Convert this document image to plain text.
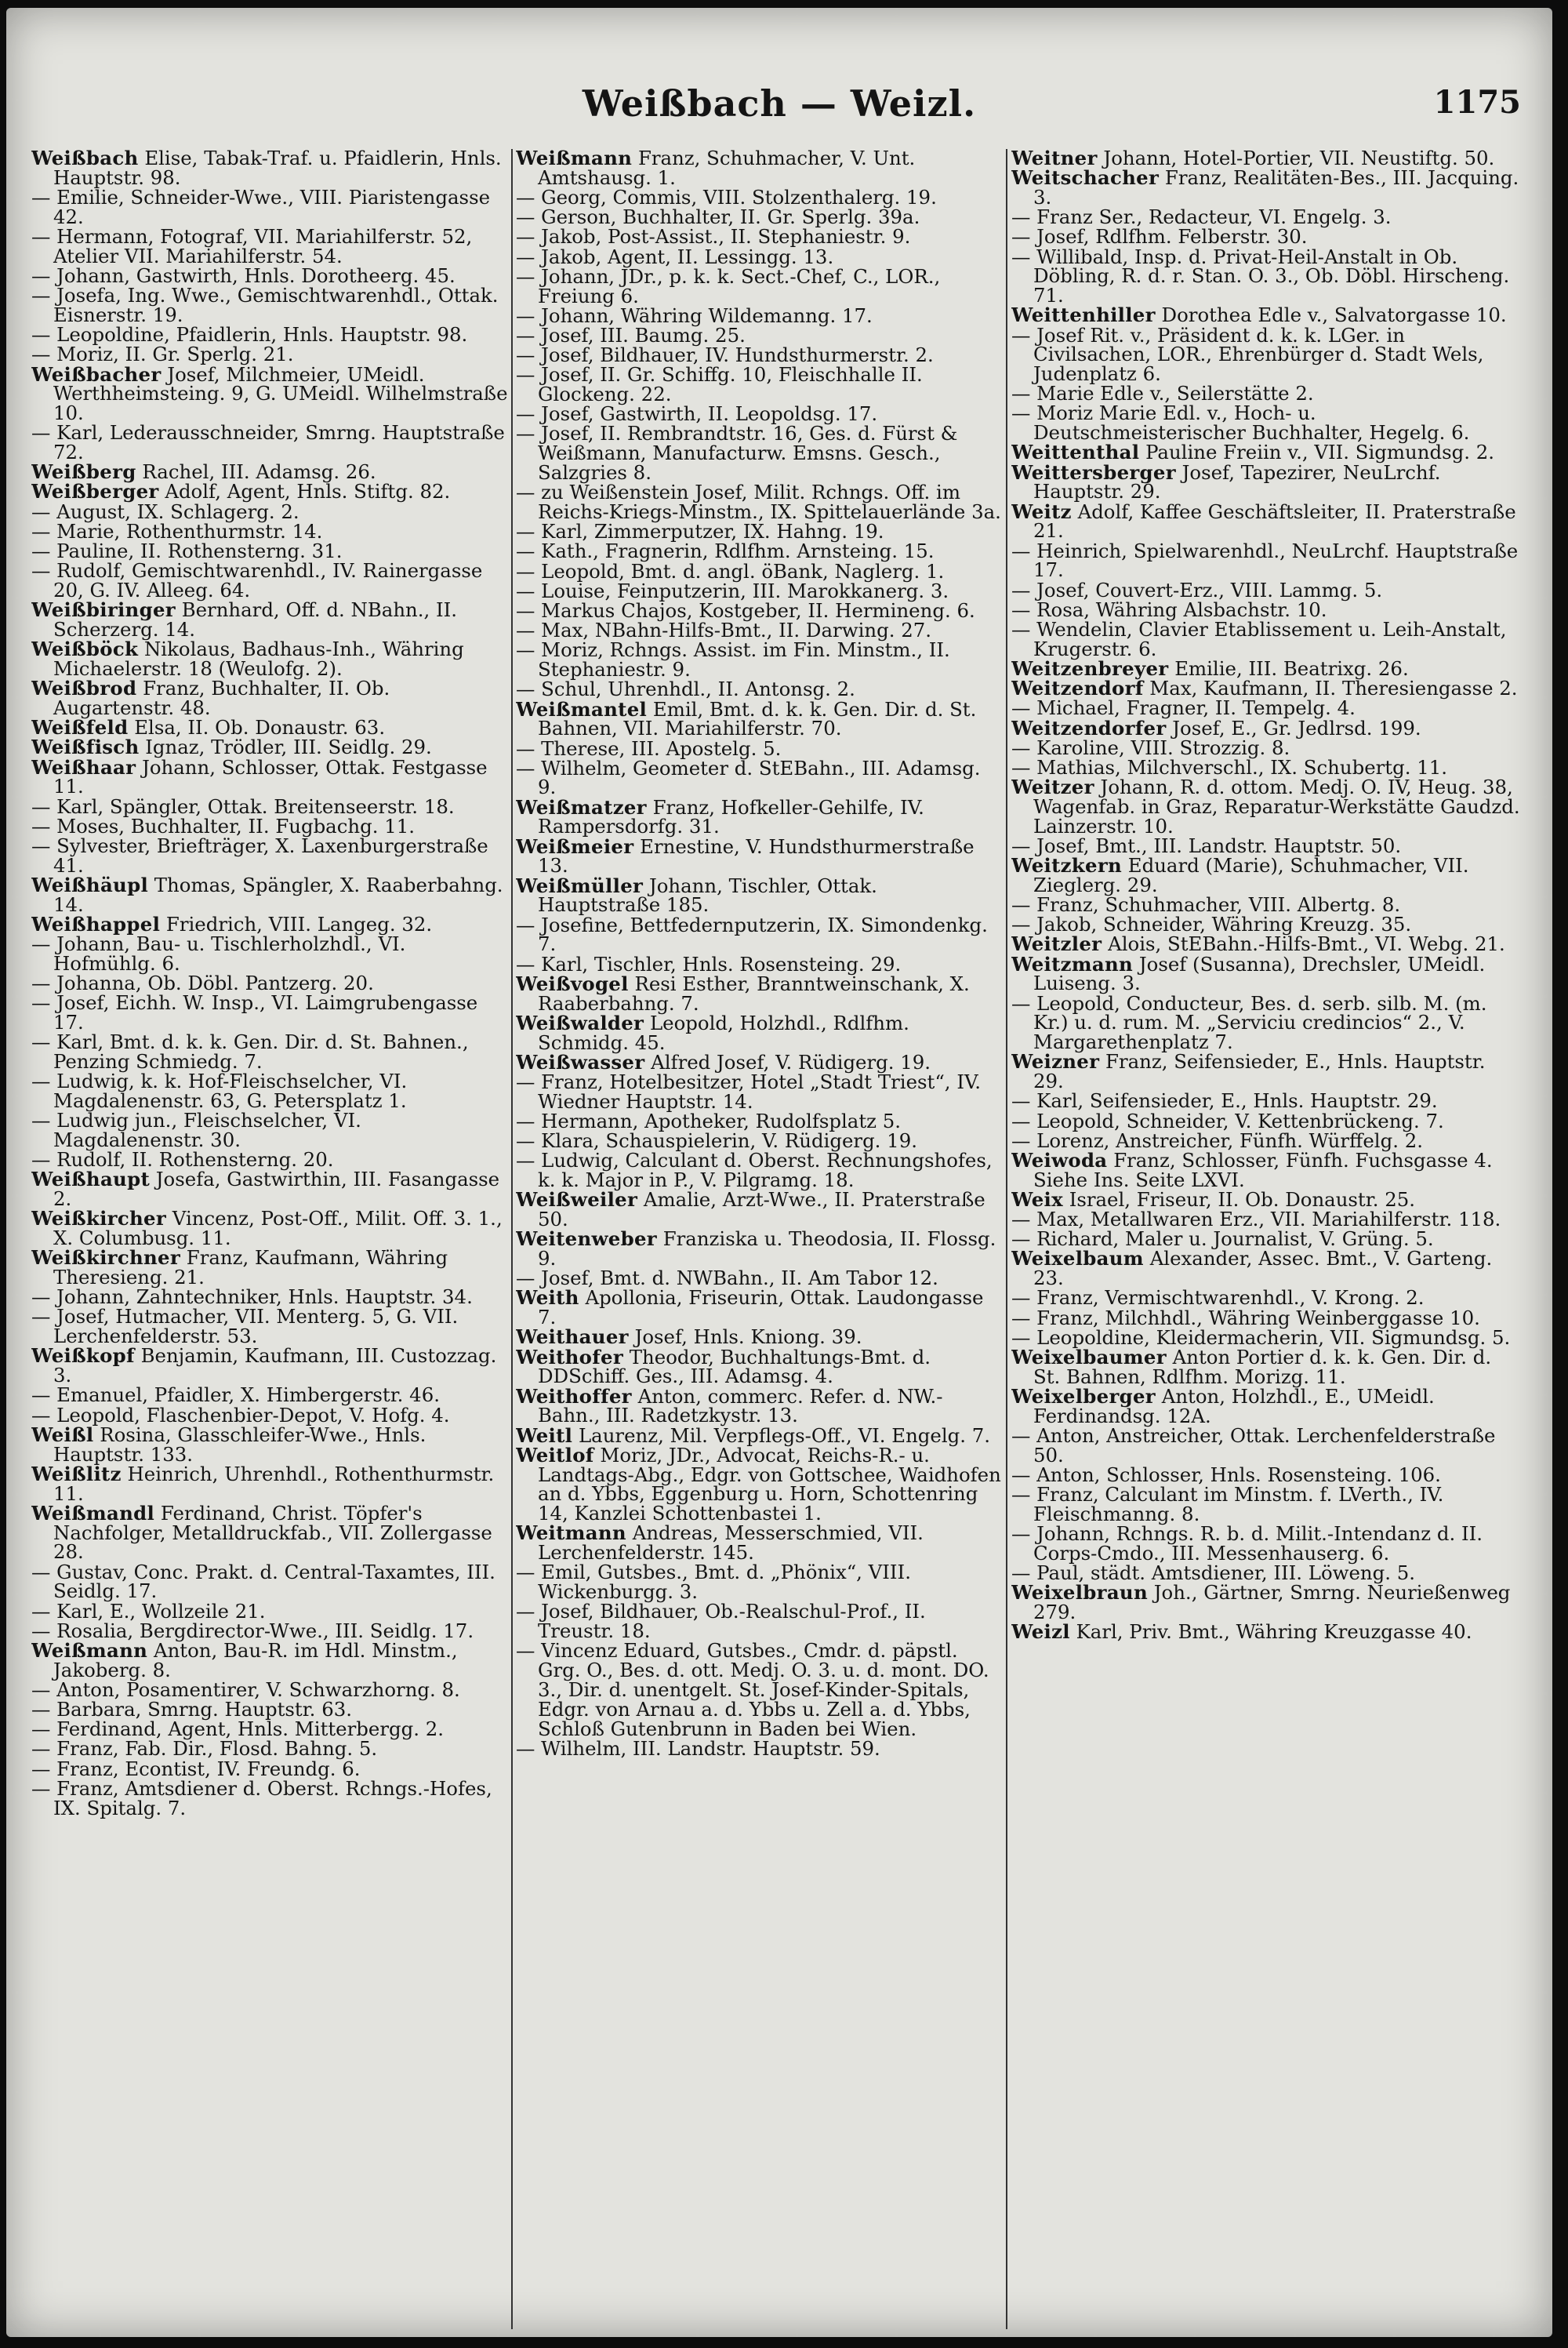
Weißbach — Weizl.	1175
Weißbach Elise, Tabak-Traf. u. Pfaidlerin, Hnls. Hauptstr. 98.
— Emilie, Schneider-Wwe., VIII. Piaristengasse 42.
— Hermann, Fotograf, VII. Mariahilferstr. 52, Atelier VII. Mariahilferstr. 54.
— Johann, Gastwirth, Hnls. Dorotheerg. 45.
— Josefa, Ing. Wwe., Gemischtwarenhdl., Ottak. Eisnerstr. 19.
— Leopoldine, Pfaidlerin, Hnls. Hauptstr. 98.
— Moriz, II. Gr. Sperlg. 21.
Weißbacher Josef, Milchmeier, UMeidl. Werthheimsteing. 9, G. UMeidl. Wilhelmstraße 10.
— Karl, Lederausschneider, Smrng. Hauptstraße 72.
Weißberg Rachel, III. Adamsg. 26.
Weißberger Adolf, Agent, Hnls. Stiftg. 82.
— August, IX. Schlagerg. 2.
— Marie, Rothenthurmstr. 14.
— Pauline, II. Rothensterng. 31.
— Rudolf, Gemischtwarenhdl., IV. Rainergasse 20, G. IV. Alleeg. 64.
Weißbiringer Bernhard, Off. d. NBahn., II. Scherzerg. 14.
Weißböck Nikolaus, Badhaus-Inh., Währing Michaelerstr. 18 (Weulofg. 2).
Weißbrod Franz, Buchhalter, II. Ob. Augartenstr. 48.
Weißfeld Elsa, II. Ob. Donaustr. 63.
Weißfisch Ignaz, Trödler, III. Seidlg. 29.
Weißhaar Johann, Schlosser, Ottak. Festgasse 11.
— Karl, Spängler, Ottak. Breitenseerstr. 18.
— Moses, Buchhalter, II. Fugbachg. 11.
— Sylvester, Briefträger, X. Laxenburgerstraße 41.
Weißhäupl Thomas, Spängler, X. Raaberbahng. 14.
Weißhappel Friedrich, VIII. Langeg. 32.
— Johann, Bau- u. Tischlerholzhdl., VI. Hofmühlg. 6.
— Johanna, Ob. Döbl. Pantzerg. 20.
— Josef, Eichh. W. Insp., VI. Laimgrubengasse 17.
— Karl, Bmt. d. k. k. Gen. Dir. d. St. Bahnen., Penzing Schmiedg. 7.
— Ludwig, k. k. Hof-Fleischselcher, VI. Magdalenenstr. 63, G. Petersplatz 1.
— Ludwig jun., Fleischselcher, VI. Magdalenenstr. 30.
— Rudolf, II. Rothensterng. 20.
Weißhaupt Josefa, Gastwirthin, III. Fasangasse 2.
Weißkircher Vincenz, Post-Off., Milit. Off. 3. 1., X. Columbusg. 11.
Weißkirchner Franz, Kaufmann, Währing Theresieng. 21.
— Johann, Zahntechniker, Hnls. Hauptstr. 34.
— Josef, Hutmacher, VII. Menterg. 5, G. VII. Lerchenfelderstr. 53.
Weißkopf Benjamin, Kaufmann, III. Custozzag. 3.
— Emanuel, Pfaidler, X. Himbergerstr. 46.
— Leopold, Flaschenbier-Depot, V. Hofg. 4.
Weißl Rosina, Glasschleifer-Wwe., Hnls. Hauptstr. 133.
Weißlitz Heinrich, Uhrenhdl., Rothenthurmstr. 11.
Weißmandl Ferdinand, Christ. Töpfer's Nachfolger, Metalldruckfab., VII. Zollergasse 28.
— Gustav, Conc. Prakt. d. Central-Taxamtes, III. Seidlg. 17.
— Karl, E., Wollzeile 21.
— Rosalia, Bergdirector-Wwe., III. Seidlg. 17.
Weißmann Anton, Bau-R. im Hdl. Minstm., Jakoberg. 8.
— Anton, Posamentirer, V. Schwarzhorng. 8.
— Barbara, Smrng. Hauptstr. 63.
— Ferdinand, Agent, Hnls. Mitterbergg. 2.
— Franz, Fab. Dir., Flosd. Bahng. 5.
— Franz, Econtist, IV. Freundg. 6.
— Franz, Amtsdiener d. Oberst. Rchngs.-Hofes, IX. Spitalg. 7.
Weißmann Franz, Schuhmacher, V. Unt. Amtshausg. 1.
— Georg, Commis, VIII. Stolzenthalerg. 19.
— Gerson, Buchhalter, II. Gr. Sperlg. 39a.
— Jakob, Post-Assist., II. Stephaniestr. 9.
— Jakob, Agent, II. Lessingg. 13.
— Johann, JDr., p. k. k. Sect.-Chef, C., LOR., Freiung 6.
— Johann, Währing Wildemanng. 17.
— Josef, III. Baumg. 25.
— Josef, Bildhauer, IV. Hundsthurmerstr. 2.
— Josef, II. Gr. Schiffg. 10, Fleischhalle II. Glockeng. 22.
— Josef, Gastwirth, II. Leopoldsg. 17.
— Josef, II. Rembrandtstr. 16, Ges. d. Fürst & Weißmann, Manufacturw. Emsns. Gesch., Salzgries 8.
— zu Weißenstein Josef, Milit. Rchngs. Off. im Reichs-Kriegs-Minstm., IX. Spittelauerlände 3a.
— Karl, Zimmerputzer, IX. Hahng. 19.
— Kath., Fragnerin, Rdlfhm. Arnsteing. 15.
— Leopold, Bmt. d. angl. öBank, Naglerg. 1.
— Louise, Feinputzerin, III. Marokkanerg. 3.
— Markus Chajos, Kostgeber, II. Hermineng. 6.
— Max, NBahn-Hilfs-Bmt., II. Darwing. 27.
— Moriz, Rchngs. Assist. im Fin. Minstm., II. Stephaniestr. 9.
— Schul, Uhrenhdl., II. Antonsg. 2.
Weißmantel Emil, Bmt. d. k. k. Gen. Dir. d. St. Bahnen, VII. Mariahilferstr. 70.
— Therese, III. Apostelg. 5.
— Wilhelm, Geometer d. StEBahn., III. Adamsg. 9.
Weißmatzer Franz, Hofkeller-Gehilfe, IV. Rampersdorfg. 31.
Weißmeier Ernestine, V. Hundsthurmerstraße 13.
Weißmüller Johann, Tischler, Ottak. Hauptstraße 185.
— Josefine, Bettfedernputzerin, IX. Simondenkg. 7.
— Karl, Tischler, Hnls. Rosensteing. 29.
Weißvogel Resi Esther, Branntweinschank, X. Raaberbahng. 7.
Weißwalder Leopold, Holzhdl., Rdlfhm. Schmidg. 45.
Weißwasser Alfred Josef, V. Rüdigerg. 19.
— Franz, Hotelbesitzer, Hotel „Stadt Triest“, IV. Wiedner Hauptstr. 14.
— Hermann, Apotheker, Rudolfsplatz 5.
— Klara, Schauspielerin, V. Rüdigerg. 19.
— Ludwig, Calculant d. Oberst. Rechnungshofes, k. k. Major in P., V. Pilgramg. 18.
Weißweiler Amalie, Arzt-Wwe., II. Praterstraße 50.
Weitenweber Franziska u. Theodosia, II. Flossg. 9.
— Josef, Bmt. d. NWBahn., II. Am Tabor 12.
Weith Apollonia, Friseurin, Ottak. Laudongasse 7.
Weithauer Josef, Hnls. Kniong. 39.
Weithofer Theodor, Buchhaltungs-Bmt. d. DDSchiff. Ges., III. Adamsg. 4.
Weithoffer Anton, commerc. Refer. d. NW.-Bahn., III. Radetzkystr. 13.
Weitl Laurenz, Mil. Verpflegs-Off., VI. Engelg. 7.
Weitlof Moriz, JDr., Advocat, Reichs-R.- u. Landtags-Abg., Edgr. von Gottschee, Waidhofen an d. Ybbs, Eggenburg u. Horn, Schottenring 14, Kanzlei Schottenbastei 1.
Weitmann Andreas, Messerschmied, VII. Lerchenfelderstr. 145.
— Emil, Gutsbes., Bmt. d. „Phönix“, VIII. Wickenburgg. 3.
— Josef, Bildhauer, Ob.-Realschul-Prof., II. Treustr. 18.
— Vincenz Eduard, Gutsbes., Cmdr. d. päpstl. Grg. O., Bes. d. ott. Medj. O. 3. u. d. mont. DO. 3., Dir. d. unentgelt. St. Josef-Kinder-Spitals, Edgr. von Arnau a. d. Ybbs u. Zell a. d. Ybbs, Schloß Gutenbrunn in Baden bei Wien.
— Wilhelm, III. Landstr. Hauptstr. 59.
Weitner Johann, Hotel-Portier, VII. Neustiftg. 50.
Weitschacher Franz, Realitäten-Bes., III. Jacquing. 3.
— Franz Ser., Redacteur, VI. Engelg. 3.
— Josef, Rdlfhm. Felberstr. 30.
— Willibald, Insp. d. Privat-Heil-Anstalt in Ob. Döbling, R. d. r. Stan. O. 3., Ob. Döbl. Hirscheng. 71.
Weittenhiller Dorothea Edle v., Salvatorgasse 10.
— Josef Rit. v., Präsident d. k. k. LGer. in Civilsachen, LOR., Ehrenbürger d. Stadt Wels, Judenplatz 6.
— Marie Edle v., Seilerstätte 2.
— Moriz Marie Edl. v., Hoch- u. Deutschmeisterischer Buchhalter, Hegelg. 6.
Weittenthal Pauline Freiin v., VII. Sigmundsg. 2.
Weittersberger Josef, Tapezirer, NeuLrchf. Hauptstr. 29.
Weitz Adolf, Kaffee Geschäftsleiter, II. Praterstraße 21.
— Heinrich, Spielwarenhdl., NeuLrchf. Hauptstraße 17.
— Josef, Couvert-Erz., VIII. Lammg. 5.
— Rosa, Währing Alsbachstr. 10.
— Wendelin, Clavier Etablissement u. Leih-Anstalt, Krugerstr. 6.
Weitzenbreyer Emilie, III. Beatrixg. 26.
Weitzendorf Max, Kaufmann, II. Theresiengasse 2.
— Michael, Fragner, II. Tempelg. 4.
Weitzendorfer Josef, E., Gr. Jedlrsd. 199.
— Karoline, VIII. Strozzig. 8.
— Mathias, Milchverschl., IX. Schubertg. 11.
Weitzer Johann, R. d. ottom. Medj. O. IV, Heug. 38, Wagenfab. in Graz, Reparatur-Werkstätte Gaudzd. Lainzerstr. 10.
— Josef, Bmt., III. Landstr. Hauptstr. 50.
Weitzkern Eduard (Marie), Schuhmacher, VII. Zieglerg. 29.
— Franz, Schuhmacher, VIII. Albertg. 8.
— Jakob, Schneider, Währing Kreuzg. 35.
Weitzler Alois, StEBahn.-Hilfs-Bmt., VI. Webg. 21.
Weitzmann Josef (Susanna), Drechsler, UMeidl. Luiseng. 3.
— Leopold, Conducteur, Bes. d. serb. silb. M. (m. Kr.) u. d. rum. M. „Serviciu credincios“ 2., V. Margarethenplatz 7.
Weizner Franz, Seifensieder, E., Hnls. Hauptstr. 29.
— Karl, Seifensieder, E., Hnls. Hauptstr. 29.
— Leopold, Schneider, V. Kettenbrückeng. 7.
— Lorenz, Anstreicher, Fünfh. Würffelg. 2.
Weiwoda Franz, Schlosser, Fünfh. Fuchsgasse 4. Siehe Ins. Seite LXVI.
Weix Israel, Friseur, II. Ob. Donaustr. 25.
— Max, Metallwaren Erz., VII. Mariahilferstr. 118.
— Richard, Maler u. Journalist, V. Grüng. 5.
Weixelbaum Alexander, Assec. Bmt., V. Garteng. 23.
— Franz, Vermischtwarenhdl., V. Krong. 2.
— Franz, Milchhdl., Währing Weinberggasse 10.
— Leopoldine, Kleidermacherin, VII. Sigmundsg. 5.
Weixelbaumer Anton Portier d. k. k. Gen. Dir. d. St. Bahnen, Rdlfhm. Morizg. 11.
Weixelberger Anton, Holzhdl., E., UMeidl. Ferdinandsg. 12A.
— Anton, Anstreicher, Ottak. Lerchenfelderstraße 50.
— Anton, Schlosser, Hnls. Rosensteing. 106.
— Franz, Calculant im Minstm. f. LVerth., IV. Fleischmanng. 8.
— Johann, Rchngs. R. b. d. Milit.-Intendanz d. II. Corps-Cmdo., III. Messenhauserg. 6.
— Paul, städt. Amtsdiener, III. Löweng. 5.
Weixelbraun Joh., Gärtner, Smrng. Neurießenweg 279.
Weizl Karl, Priv. Bmt., Währing Kreuzgasse 40.
